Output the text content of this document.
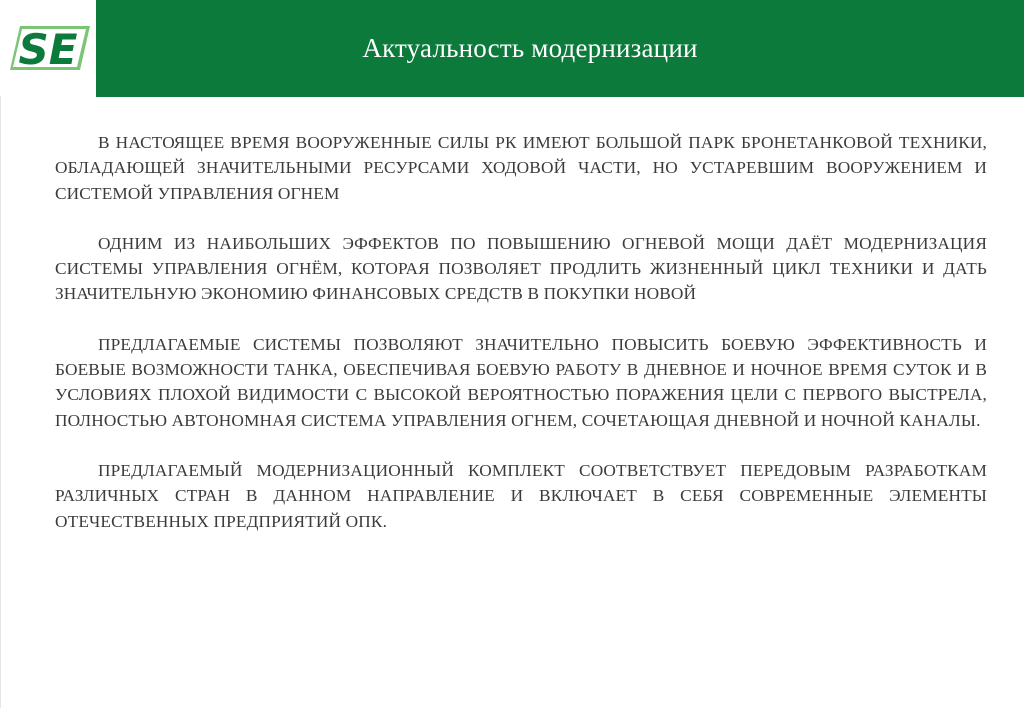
SE	Актуальность модернизации

В НАСТОЯЩЕЕ ВРЕМЯ ВООРУЖЕННЫЕ СИЛЫ РК ИМЕЮТ БОЛЬШОЙ ПАРК БРОНЕТАНКОВОЙ ТЕХНИКИ, ОБЛАДАЮЩЕЙ ЗНАЧИТЕЛЬНЫМИ РЕСУРСАМИ ХОДОВОЙ ЧАСТИ, НО УСТАРЕВШИМ ВООРУЖЕНИЕМ И СИСТЕМОЙ УПРАВЛЕНИЯ ОГНЕМ

ОДНИМ ИЗ НАИБОЛЬШИХ ЭФФЕКТОВ ПО ПОВЫШЕНИЮ ОГНЕВОЙ МОЩИ ДАЁТ МОДЕРНИЗАЦИЯ СИСТЕМЫ УПРАВЛЕНИЯ ОГНЁМ, КОТОРАЯ ПОЗВОЛЯЕТ ПРОДЛИТЬ ЖИЗНЕННЫЙ ЦИКЛ ТЕХНИКИ И ДАТЬ ЗНАЧИТЕЛЬНУЮ ЭКОНОМИЮ ФИНАНСОВЫХ СРЕДСТВ В ПОКУПКИ НОВОЙ

ПРЕДЛАГАЕМЫЕ СИСТЕМЫ ПОЗВОЛЯЮТ ЗНАЧИТЕЛЬНО ПОВЫСИТЬ БОЕВУЮ ЭФФЕКТИВНОСТЬ И БОЕВЫЕ ВОЗМОЖНОСТИ ТАНКА, ОБЕСПЕЧИВАЯ БОЕВУЮ РАБОТУ В ДНЕВНОЕ И НОЧНОЕ ВРЕМЯ СУТОК И В УСЛОВИЯХ ПЛОХОЙ ВИДИМОСТИ С ВЫСОКОЙ ВЕРОЯТНОСТЬЮ ПОРАЖЕНИЯ ЦЕЛИ С ПЕРВОГО ВЫСТРЕЛА, ПОЛНОСТЬЮ АВТОНОМНАЯ СИСТЕМА УПРАВЛЕНИЯ ОГНЕМ, СОЧЕТАЮЩАЯ ДНЕВНОЙ И НОЧНОЙ КАНАЛЫ.

ПРЕДЛАГАЕМЫЙ МОДЕРНИЗАЦИОННЫЙ КОМПЛЕКТ СООТВЕТСТВУЕТ ПЕРЕДОВЫМ РАЗРАБОТКАМ РАЗЛИЧНЫХ СТРАН В ДАННОМ НАПРАВЛЕНИЕ И ВКЛЮЧАЕТ В СЕБЯ СОВРЕМЕННЫЕ ЭЛЕМЕНТЫ ОТЕЧЕСТВЕННЫХ ПРЕДПРИЯТИЙ ОПК.
